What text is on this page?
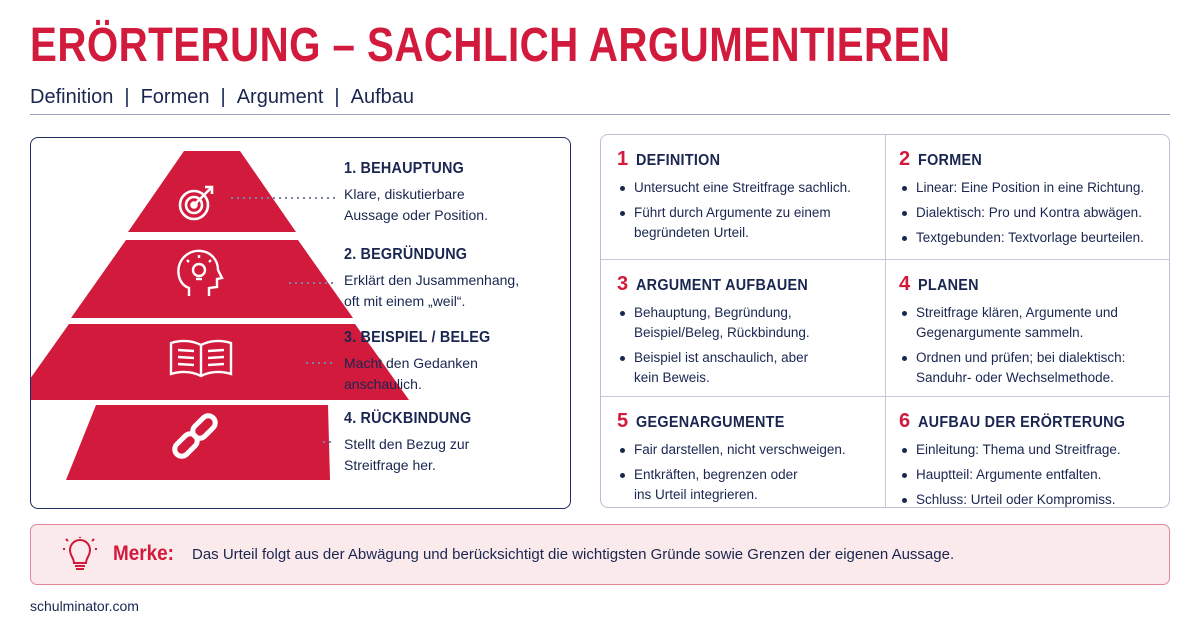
ERÖRTERUNG – SACHLICH ARGUMENTIEREN
Definition | Formen | Argument | Aufbau
1. BEHAUPTUNG
Klare, diskutierbare
Aussage oder Position.
2. BEGRÜNDUNG
Erklärt den Jusammenhang,
oft mit einem „weil“.
3. BEISPIEL / BELEG
Macht den Gedanken
anschaulich.
4. RÜCKBINDUNG
Stellt den Bezug zur
Streitfrage her.
1 DEFINITION
Untersucht eine Streitfrage sachlich.
Führt durch Argumente zu einem
begründeten Urteil.
2 FORMEN
Linear: Eine Position in eine Richtung.
Dialektisch: Pro und Kontra abwägen.
Textgebunden: Textvorlage beurteilen.
3 ARGUMENT AUFBAUEN
Behauptung, Begründung,
Beispiel/Beleg, Rückbindung.
Beispiel ist anschaulich, aber
kein Beweis.
4 PLANEN
Streitfrage klären, Argumente und
Gegenargumente sammeln.
Ordnen und prüfen; bei dialektisch:
Sanduhr- oder Wechselmethode.
5 GEGENARGUMENTE
Fair darstellen, nicht verschweigen.
Entkräften, begrenzen oder
ins Urteil integrieren.
6 AUFBAU DER ERÖRTERUNG
Einleitung: Thema und Streitfrage.
Hauptteil: Argumente entfalten.
Schluss: Urteil oder Kompromiss.
Merke: Das Urteil folgt aus der Abwägung und berücksichtigt die wichtigsten Gründe sowie Grenzen der eigenen Aussage.
schulminator.com
